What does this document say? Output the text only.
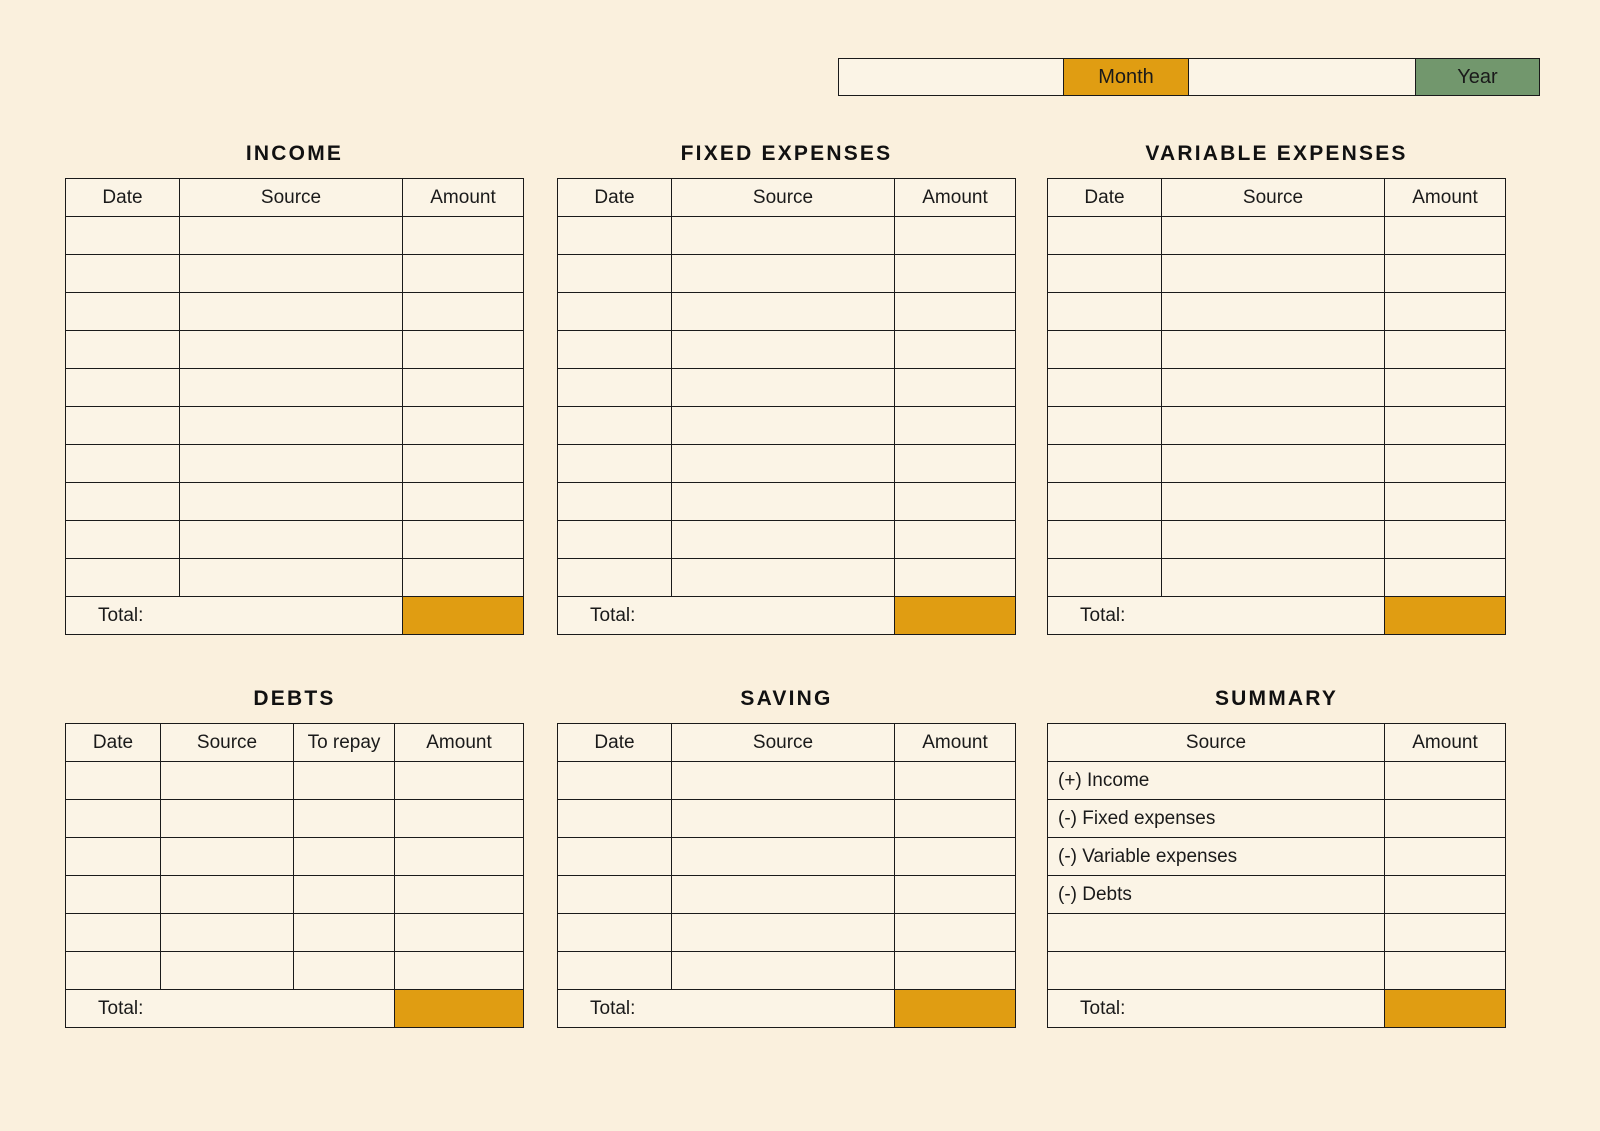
Month	Year
INCOME
Date	Source	Amount

Total:		
FIXED EXPENSES
Date	Source	Amount

Total:		
VARIABLE EXPENSES
Date	Source	Amount

Total:		
DEBTS
Date	Source	To repay	Amount

Total:			
SAVING
Date	Source	Amount

Total:		
SUMMARY
Source	Amount
(+) Income	
(-) Fixed expenses	
(-) Variable expenses	
(-) Debts	

Total:	
